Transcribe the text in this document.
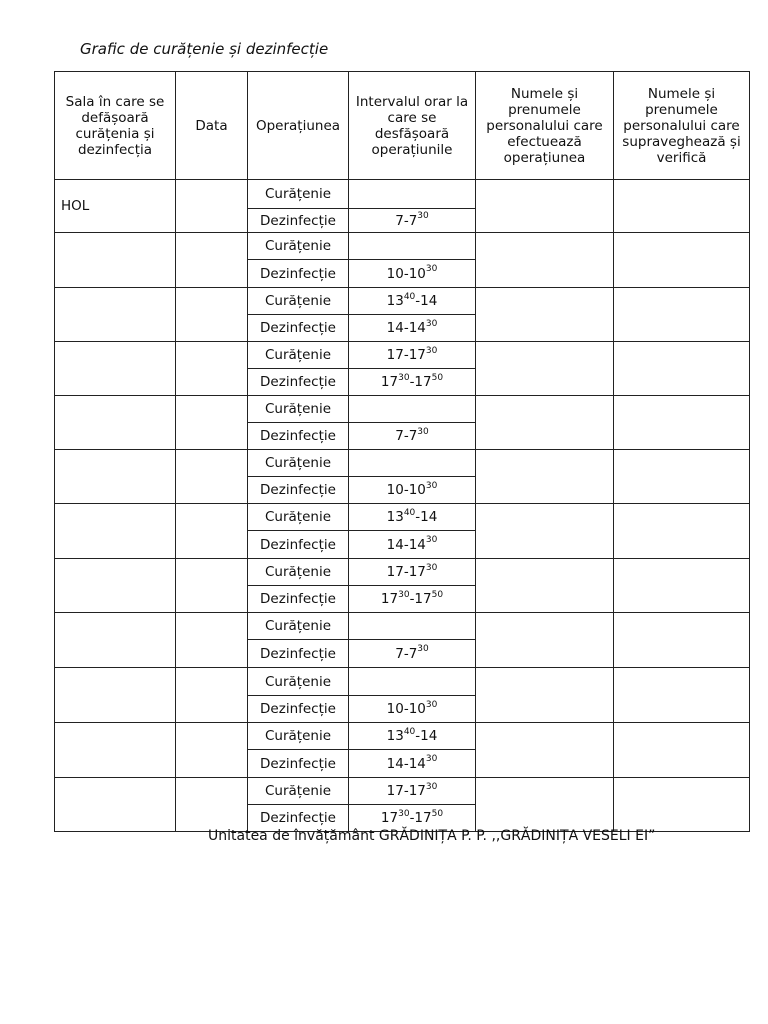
Grafic de curățenie și dezinfecție
Sala în care se defășoară curățenia și dezinfecția	Data	Operațiunea	Intervalul orar la care se desfășoară operațiunile	Numele și prenumele personalului care efectuează operațiunea	Numele și prenumele personalului care supraveghează și verifică
HOL		Curățenie			
		Dezinfecție	$7-7^{30}$
		Curățenie			
		Dezinfecție	$10-10^{30}$
		Curățenie	$13^{40}-14$		
		Dezinfecție	$14-14^{30}$
		Curățenie	$17-17^{30}$		
		Dezinfecție	$17^{30}-17^{50}$
		Curățenie			
		Dezinfecție	$7-7^{30}$
		Curățenie			
		Dezinfecție	$10-10^{30}$
		Curățenie	$13^{40}-14$		
		Dezinfecție	$14-14^{30}$
		Curățenie	$17-17^{30}$		
		Dezinfecție	$17^{30}-17^{50}$
		Curățenie			
		Dezinfecție	$7-7^{30}$
		Curățenie			
		Dezinfecție	$10-10^{30}$
		Curățenie	$13^{40}-14$		
		Dezinfecție	$14-14^{30}$
		Curățenie	$17-17^{30}$		
		Dezinfecție	$17^{30}-17^{50}$
Unitatea de învățământ GRĂDINIȚA P. P. ,,GRĂDINIȚA VESELI EI”
